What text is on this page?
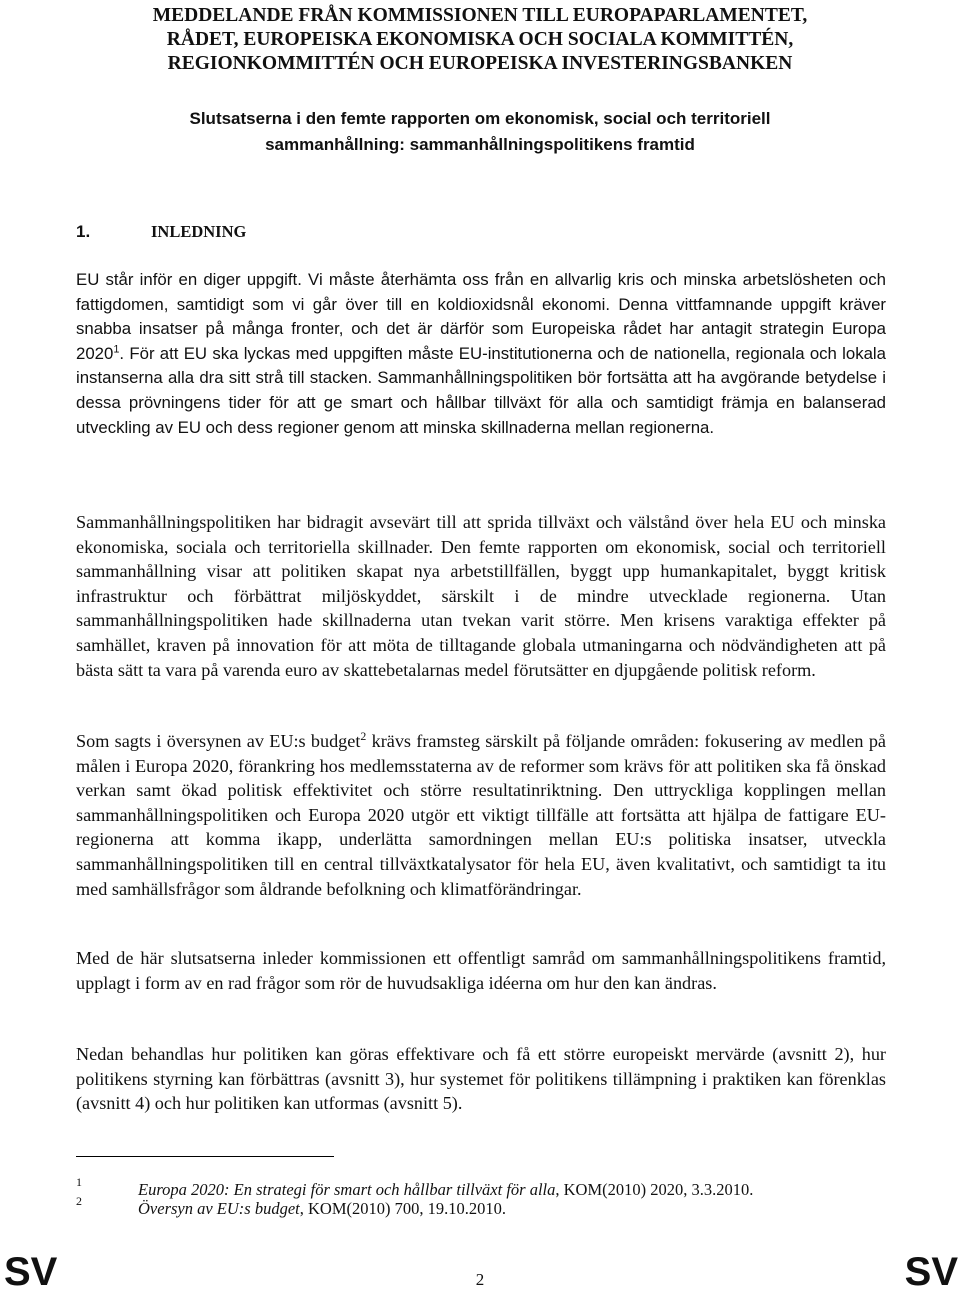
MEDDELANDE FRÅN KOMMISSIONEN TILL EUROPAPARLAMENTET,
RÅDET, EUROPEISKA EKONOMISKA OCH SOCIALA KOMMITTÉN,
REGIONKOMMITTÉN OCH EUROPEISKA INVESTERINGSBANKEN
Slutsatserna i den femte rapporten om ekonomisk, social och territoriell
sammanhållning: sammanhållningspolitikens framtid
1.	INLEDNING
EU står inför en diger uppgift. Vi måste återhämta oss från en allvarlig kris och minska arbetslösheten och fattigdomen, samtidigt som vi går över till en koldioxidsnål ekonomi. Denna vittfamnande uppgift kräver snabba insatser på många fronter, och det är därför som Europeiska rådet har antagit strategin Europa 2020$^1$. För att EU ska lyckas med uppgiften måste EU-institutionerna och de nationella, regionala och lokala instanserna alla dra sitt strå till stacken. Sammanhållningspolitiken bör fortsätta att ha avgörande betydelse i dessa prövningens tider för att ge smart och hållbar tillväxt för alla och samtidigt främja en balanserad utveckling av EU och dess regioner genom att minska skillnaderna mellan regionerna.
Sammanhållningspolitiken har bidragit avsevärt till att sprida tillväxt och välstånd över hela EU och minska ekonomiska, sociala och territoriella skillnader. Den femte rapporten om ekonomisk, social och territoriell sammanhållning visar att politiken skapat nya arbetstillfällen, byggt upp humankapitalet, byggt kritisk infrastruktur och förbättrat miljöskyddet, särskilt i de mindre utvecklade regionerna. Utan sammanhållningspolitiken hade skillnaderna utan tvekan varit större. Men krisens varaktiga effekter på samhället, kraven på innovation för att möta de tilltagande globala utmaningarna och nödvändigheten att på bästa sätt ta vara på varenda euro av skattebetalarnas medel förutsätter en djupgående politisk reform.
Som sagts i översynen av EU:s budget$^2$ krävs framsteg särskilt på följande områden: fokusering av medlen på målen i Europa 2020, förankring hos medlemsstaterna av de reformer som krävs för att politiken ska få önskad verkan samt ökad politisk effektivitet och större resultatinriktning. Den uttryckliga kopplingen mellan sammanhållningspolitiken och Europa 2020 utgör ett viktigt tillfälle att fortsätta att hjälpa de fattigare EU-regionerna att komma ikapp, underlätta samordningen mellan EU:s politiska insatser, utveckla sammanhållningspolitiken till en central tillväxtkatalysator för hela EU, även kvalitativt, och samtidigt ta itu med samhällsfrågor som åldrande befolkning och klimatförändringar.
Med de här slutsatserna inleder kommissionen ett offentligt samråd om sammanhållningspolitikens framtid, upplagt i form av en rad frågor som rör de huvudsakliga idéerna om hur den kan ändras.
Nedan behandlas hur politiken kan göras effektivare och få ett större europeiskt mervärde (avsnitt 2), hur politikens styrning kan förbättras (avsnitt 3), hur systemet för politikens tillämpning i praktiken kan förenklas (avsnitt 4) och hur politiken kan utformas (avsnitt 5).
1	Europa 2020: En strategi för smart och hållbar tillväxt för alla, KOM(2010) 2020, 3.3.2010.
2	Översyn av EU:s budget, KOM(2010) 700, 19.10.2010.
SV	2	SV
